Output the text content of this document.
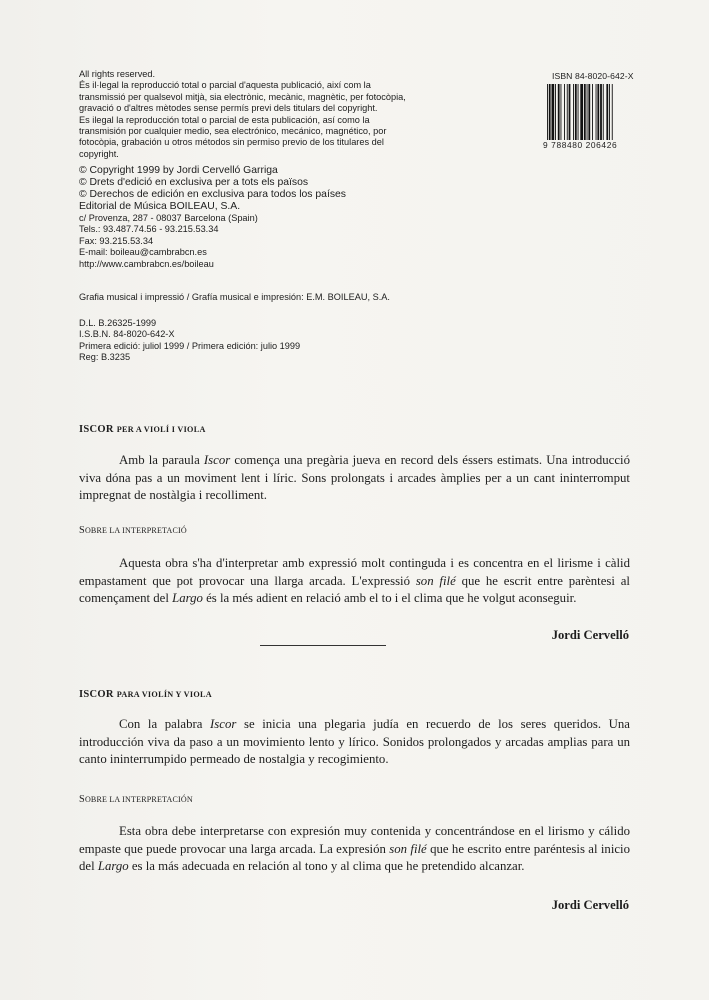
All rights reserved.

És il·legal la reproducció total o parcial d'aquesta publicació, així com la

transmissió per qualsevol mitjà, sia electrònic, mecànic, magnètic, per fotocòpia,

gravació o d'altres mètodes sense permís previ dels titulars del copyright.

Es ilegal la reproducción total o parcial de esta publicación, así como la

transmisión por cualquier medio, sea electrónico, mecánico, magnético, por

fotocòpia, grabación u otros métodos sin permiso previo de los titulares del

copyright.

© Copyright 1999 by Jordi Cervelló Garriga

© Drets d'edició en exclusiva per a tots els països

© Derechos de edición en exclusiva para todos los países

Editorial de Música BOILEAU, S.A.

c/ Provenza, 287 - 08037 Barcelona (Spain)

Tels.: 93.487.74.56 - 93.215.53.34

Fax: 93.215.53.34

E-mail: boileau@cambrabcn.es

http://www.cambrabcn.es/boileau

Grafia musical i impressió / Grafía musical e impresión: E.M. BOILEAU, S.A.

D.L. B.26325-1999

I.S.B.N. 84-8020-642-X

Primera edició: juliol 1999 / Primera edición: julio 1999

Reg: B.3235

ISBN 84-8020-642-X
9 788480 206426
ISCOR PER A VIOLÍ I VIOLA

Amb la paraula Iscor comença una pregària jueva en record dels éssers estimats. Una introducció viva dóna pas a un moviment lent i líric. Sons prolongats i arcades àmplies per a un cant ininterromput impregnat de nostàlgia i recolliment.

SOBRE LA INTERPRETACIÓ

Aquesta obra s'ha d'interpretar amb expressió molt continguda i es concentra en el lirisme i càlid empastament que pot provocar una llarga arcada. L'expressió son filé que he escrit entre parèntesi al començament del Largo és la més adient en relació amb el to i el clima que he volgut aconseguir.

Jordi Cervelló
ISCOR PARA VIOLÍN Y VIOLA

Con la palabra Iscor se inicia una plegaria judía en recuerdo de los seres queridos. Una introducción viva da paso a un movimiento lento y lírico. Sonidos prolongados y arcadas amplias para un canto ininterrumpido permeado de nostalgia y recogimiento.

SOBRE LA INTERPRETACIÓN

Esta obra debe interpretarse con expresión muy contenida y concentrándose en el lirismo y cálido empaste que puede provocar una larga arcada. La expresión son filé que he escrito entre paréntesis al inicio del Largo es la más adecuada en relación al tono y al clima que he pretendido alcanzar.

Jordi Cervelló
